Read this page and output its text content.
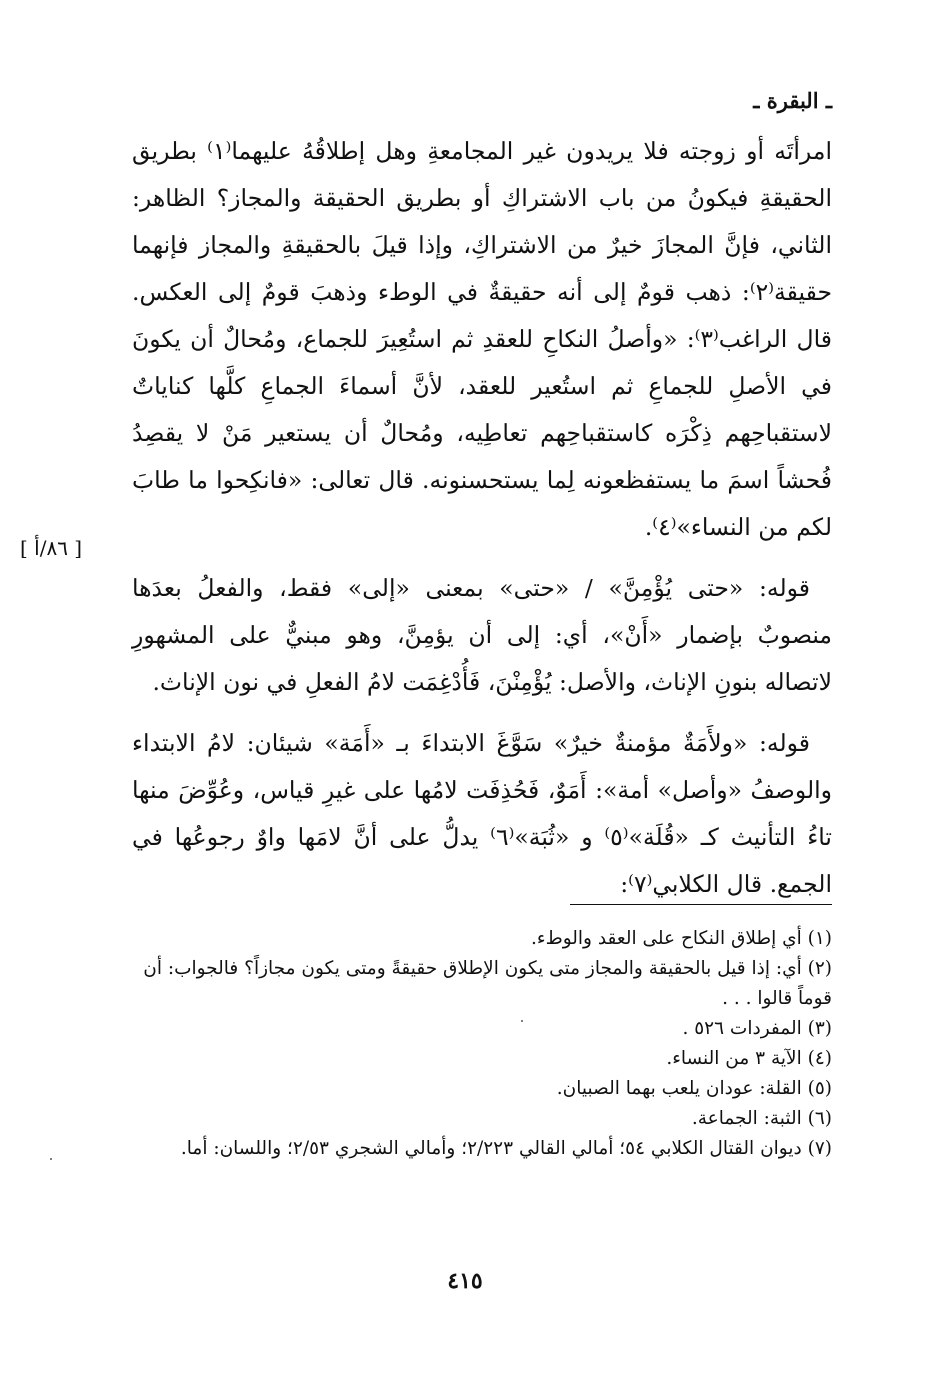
ـ البقرة ـ
[ ٨٦/أ ]

امرأتَه أو زوجته فلا يريدون غير المجامعةِ وهل إطلاقُهُ عليهما⁽١⁾ بطريق الحقيقةِ فيكونُ من باب الاشتراكِ أو بطريق الحقيقة والمجاز؟ الظاهر: الثاني، فإنَّ المجازَ خيرٌ من الاشتراكِ، وإذا قيلَ بالحقيقةِ والمجاز فإنهما حقيقة⁽٢⁾: ذهب قومٌ إلى أنه حقيقةٌ في الوطء وذهبَ قومٌ إلى العكس. قال الراغب⁽٣⁾: «وأصلُ النكاحِ للعقدِ ثم استُعِيرَ للجماع، ومُحالٌ أن يكونَ في الأصلِ للجماعِ ثم استُعير للعقد، لأنَّ أسماءَ الجماعِ كلَّها كناياتٌ لاستقباحِهم ذِكْرَه كاستقباحِهم تعاطِيه، ومُحالٌ أن يستعير مَنْ لا يقصِدُ فُحشاً اسمَ ما يستفظعونه لِما يستحسنونه. قال تعالى: «فانكِحوا ما طابَ لكم من النساء»⁽٤⁾.

قوله: «حتى يُؤْمِنَّ» / «حتى» بمعنى «إلى» فقط، والفعلُ بعدَها منصوبٌ بإضمار «أَنْ»، أي: إلى أن يؤمِنَّ، وهو مبنيٌّ على المشهورِ لاتصاله بنونِ الإناث، والأصل: يُؤْمِنْنَ، فَأُدْغِمَت لامُ الفعلِ في نون الإناث.

قوله: «ولأَمَةٌ مؤمنةٌ خيرٌ» سَوَّغَ الابتداءَ بـ «أَمَة» شيئان: لامُ الابتداء والوصفُ «وأصل» أمة»: أَمَوٌ، فَحُذِفَت لامُها على غيرِ قياس، وعُوِّضَ منها تاءُ التأنيث كـ «قُلَة»⁽٥⁾ و «ثُبَة»⁽٦⁾ يدلُّ على أنَّ لامَها واوٌ رجوعُها في الجمع. قال الكلابي⁽٧⁾:

(١) أي إطلاق النكاح على العقد والوطء.

(٢) أي: إذا قيل بالحقيقة والمجاز متى يكون الإطلاق حقيقةً ومتى يكون مجازاً؟ فالجواب: أن قوماً قالوا . . .

(٣) المفردات ٥٢٦ .

(٤) الآية ٣ من النساء.

(٥) القلة: عودان يلعب بهما الصبيان.

(٦) الثبة: الجماعة.

(٧) ديوان القتال الكلابي ٥٤؛ أمالي القالي ٢/٢٢٣؛ وأمالي الشجري ٢/٥٣؛ واللسان: أما.

٤١٥
